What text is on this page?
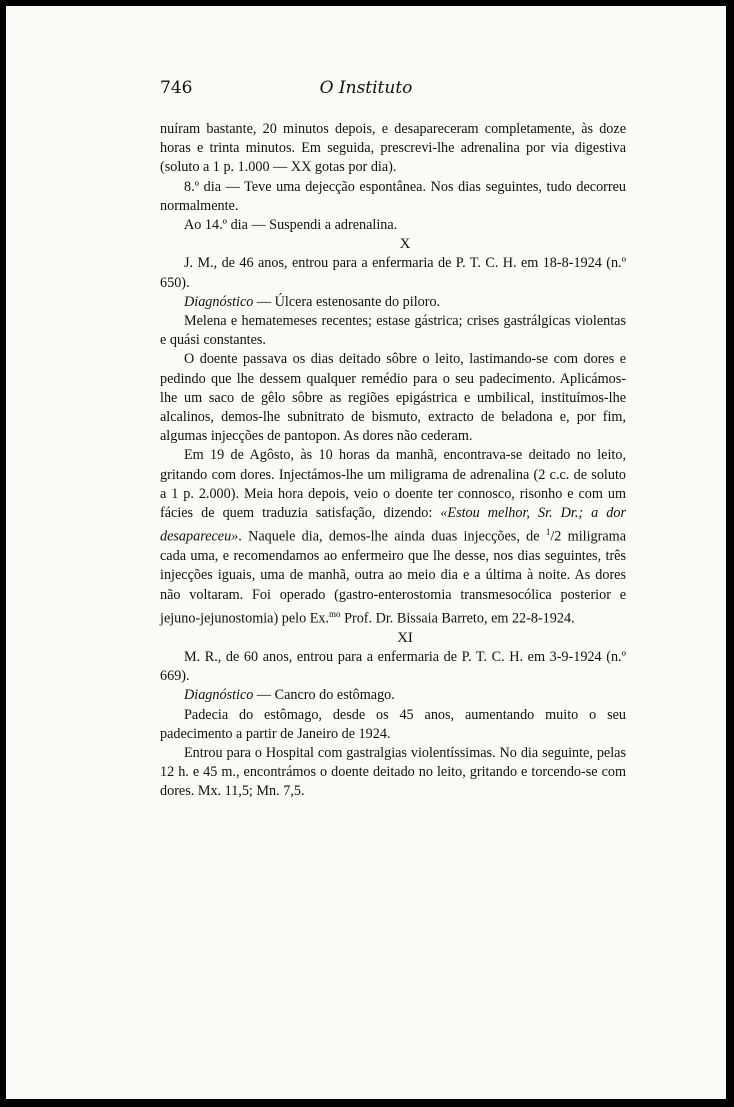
O Instituto
746

nuíram bastante, 20 minutos depois, e desapareceram completamente, às doze horas e trinta minutos. Em seguida, prescrevi-lhe adrenalina por via digestiva (soluto a 1 p. 1.000 — XX gotas por dia).

8.º dia — Teve uma dejecção espontânea. Nos dias seguintes, tudo decorreu normalmente.

Ao 14.º dia — Suspendi a adrenalina.

X

J. M., de 46 anos, entrou para a enfermaria de P. T. C. H. em 18-8-1924 (n.º 650).

Diagnóstico — Úlcera estenosante do piloro.

Melena e hematemeses recentes; estase gástrica; crises gastrálgicas violentas e quási constantes.

O doente passava os dias deitado sôbre o leito, lastimando-se com dores e pedindo que lhe dessem qualquer remédio para o seu padecimento. Aplicámos-lhe um saco de gêlo sôbre as regiões epigástrica e umbilical, instituímos-lhe alcalinos, demos-lhe subnitrato de bismuto, extracto de beladona e, por fim, algumas injecções de pantopon. As dores não cederam.

Em 19 de Agôsto, às 10 horas da manhã, encontrava-se deitado no leito, gritando com dores. Injectámos-lhe um miligrama de adrenalina (2 c.c. de soluto a 1 p. 2.000). Meia hora depois, veio o doente ter connosco, risonho e com um fácies de quem traduzia satisfação, dizendo: «Estou melhor, Sr. Dr.; a dor desapareceu». Naquele dia, demos-lhe ainda duas injecções, de $^1$/2 miligrama cada uma, e recomendamos ao enfermeiro que lhe desse, nos dias seguintes, três injecções iguais, uma de manhã, outra ao meio dia e a última à noite. As dores não voltaram. Foi operado (gastro-enterostomia transmesocólica posterior e jejuno-jejunostomia) pelo Ex.$^{mo}$ Prof. Dr. Bissaia Barreto, em 22-8-1924.

XI

M. R., de 60 anos, entrou para a enfermaria de P. T. C. H. em 3-9-1924 (n.º 669).

Diagnóstico — Cancro do estômago.

Padecia do estômago, desde os 45 anos, aumentando muito o seu padecimento a partir de Janeiro de 1924.

Entrou para o Hospital com gastralgias violentíssimas. No dia seguinte, pelas 12 h. e 45 m., encontrámos o doente deitado no leito, gritando e torcendo-se com dores. Mx. 11,5; Mn. 7,5.
